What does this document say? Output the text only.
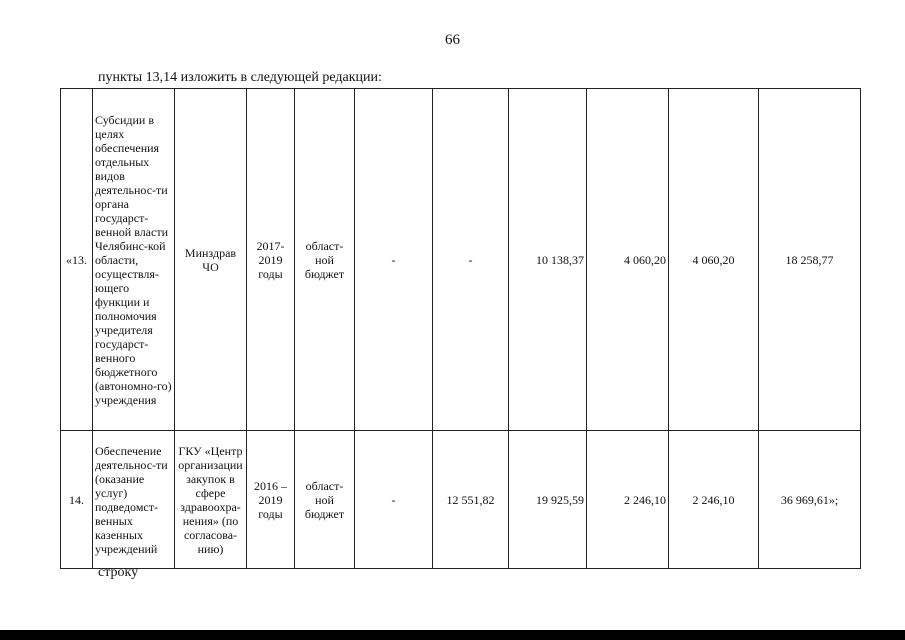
66
пункты 13,14 изложить в следующей редакции:
«13.	Субсидии в целях обеспечения отдельных видов деятельнос-ти органа государст-венной власти Челябинс-кой области, осуществля-ющего функции и полномочия учредителя государст-венного бюджетного (автономно-го) учреждения	Минздрав ЧО	2017-2019 годы	област-ной бюджет	-	-	10 138,37	4 060,20	4 060,20	18 258,77
14.	Обеспечение деятельнос-ти (оказание услуг) подведомст-венных казенных учреждений	ГКУ «Центр организации закупок в сфере здравоохра-нения» (по согласова-нию)	2016 – 2019 годы	област-ной бюджет	-	12 551,82	19 925,59	2 246,10	2 246,10	36 969,61»;
строку
